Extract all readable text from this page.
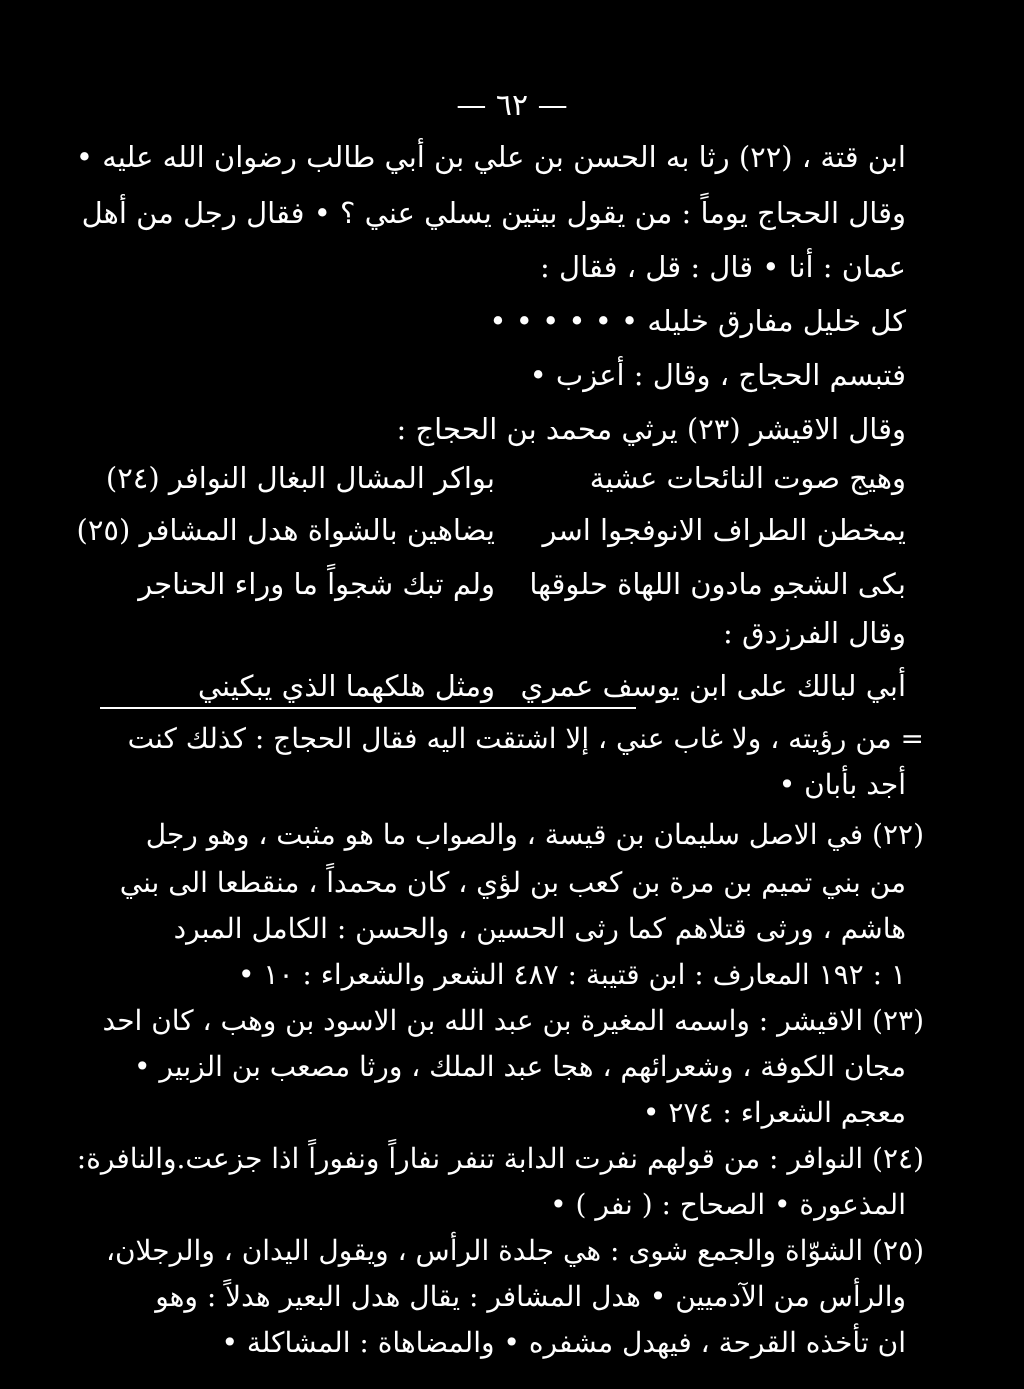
— ٦٢ —
ابن قتة ، (٢٢) رثا به الحسن بن علي بن أبي طالب رضوان الله عليه •
وقال الحجاج يوماً : من يقول بيتين يسلي عني ؟ • فقال رجل من أهل
عمان : أنا • قال : قل ، فقال :
كل خليل مفارق خليله • • • • • •
فتبسم الحجاج ، وقال : أعزب •
وقال الاقيشر (٢٣) يرثي محمد بن الحجاج :
وهيج صوت النائحات عشية
بواكر المشال البغال النوافر (٢٤)
يمخطن الطراف الانوفجوا اسر
يضاهين بالشواة هدل المشافر (٢٥)
بكى الشجو مادون اللهاة حلوقها
ولم تبك شجواً ما وراء الحناجر
وقال الفرزدق :
أبي لبالك على ابن يوسف عمري
ومثل هلكهما الذي يبكيني
= من رؤيته ، ولا غاب عني ، إلا اشتقت اليه فقال الحجاج : كذلك كنت
أجد بأبان •
(٢٢) في الاصل سليمان بن قيسة ، والصواب ما هو مثبت ، وهو رجل
من بني تميم بن مرة بن كعب بن لؤي ، كان محمداً ، منقطعا الى بني
هاشم ، ورثى قتلاهم كما رثى الحسين ، والحسن : الكامل المبرد
١ : ١٩٢ المعارف : ابن قتيبة : ٤٨٧ الشعر والشعراء : ١٠ •
(٢٣) الاقيشر : واسمه المغيرة بن عبد الله بن الاسود بن وهب ، كان احد
مجان الكوفة ، وشعرائهم ، هجا عبد الملك ، ورثا مصعب بن الزبير •
معجم الشعراء : ٢٧٤ •
(٢٤) النوافر : من قولهم نفرت الدابة تنفر نفاراً ونفوراً اذا جزعت.والنافرة:
المذعورة • الصحاح : ( نفر ) •
(٢٥) الشوّاة والجمع شوى : هي جلدة الرأس ، ويقول اليدان ، والرجلان،
والرأس من الآدميين • هدل المشافر : يقال هدل البعير هدلاً : وهو
ان تأخذه القرحة ، فيهدل مشفره • والمضاهاة : المشاكلة •
